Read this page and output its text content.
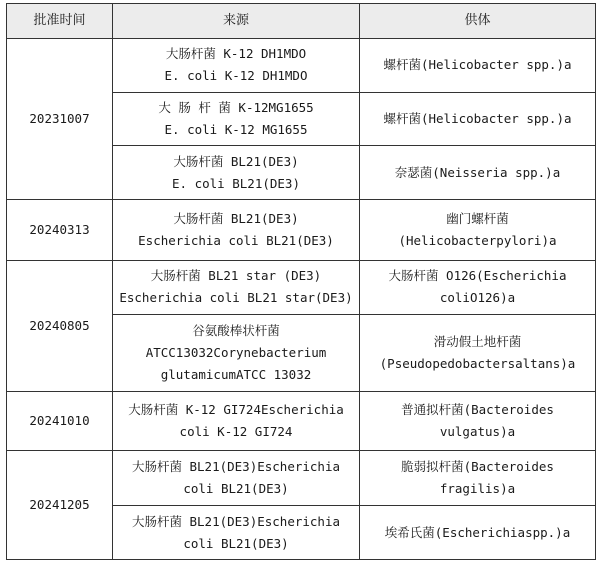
批准时间	来源	供体

20231007	大肠杆菌 K-12 DH1MDO
E. coli K-12 DH1MDO	螺杆菌(Helicobacter spp.)a

	大 肠 杆 菌 K-12MG1655
E. coli K-12 MG1655	螺杆菌(Helicobacter spp.)a

	大肠杆菌 BL21(DE3)
E. coli BL21(DE3)	奈瑟菌(Neisseria spp.)a

20240313	大肠杆菌 BL21(DE3)
Escherichia coli BL21(DE3)	幽门螺杆菌
(Helicobacterpylori)a

20240805	大肠杆菌 BL21 star (DE3)
Escherichia coli BL21 star(DE3)	大肠杆菌 O126(Escherichia
coliO126)a

	谷氨酸棒状杆菌
ATCC13032Corynebacterium
glutamicumATCC 13032	滑动假土地杆菌
(Pseudopedobactersaltans)a

20241010	大肠杆菌 K-12 GI724Escherichia
coli K-12 GI724	普通拟杆菌(Bacteroides
vulgatus)a

20241205	大肠杆菌 BL21(DE3)Escherichia
coli BL21(DE3)	脆弱拟杆菌(Bacteroides
fragilis)a

	大肠杆菌 BL21(DE3)Escherichia
coli BL21(DE3)	埃希氏菌(Escherichiaspp.)a
